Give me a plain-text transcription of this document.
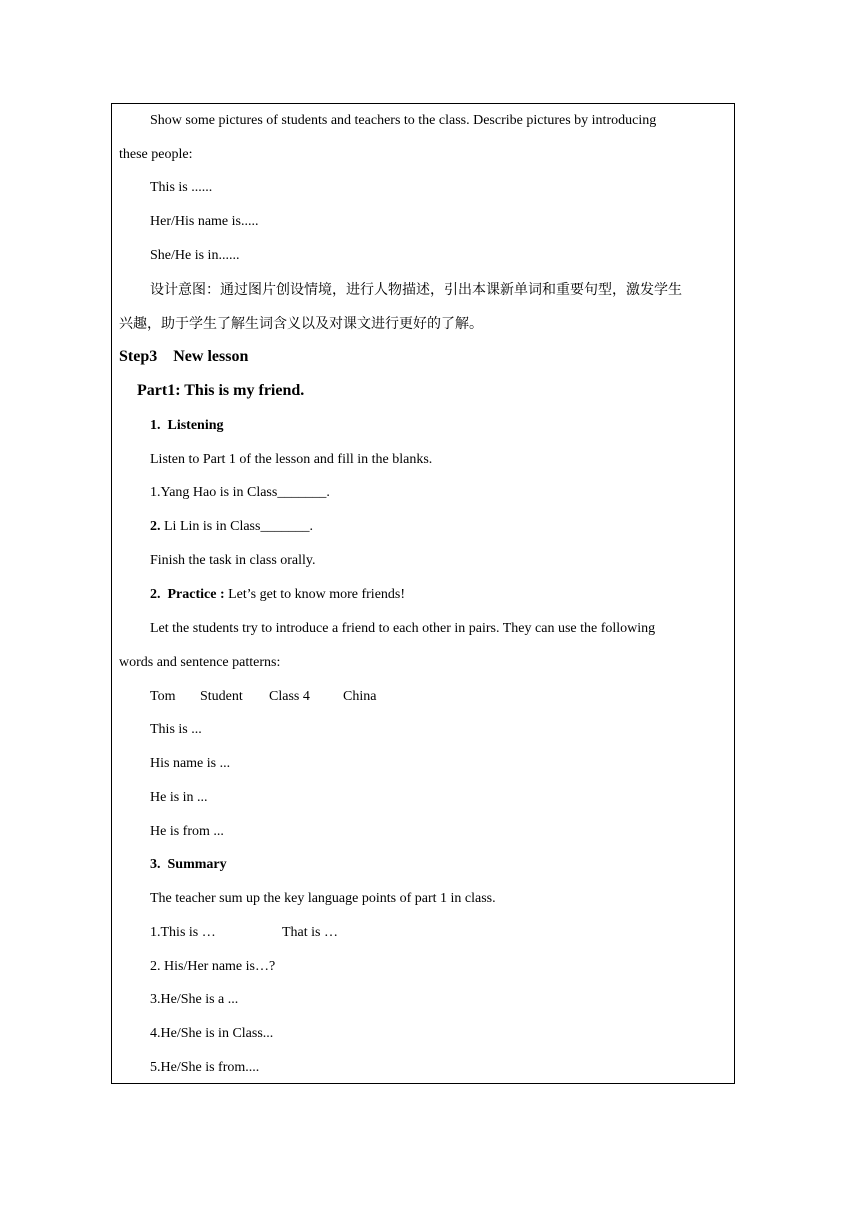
Show some pictures of students and teachers to the class. Describe pictures by introducing
these people:
This is ......
Her/His name is.....
She/He is in......
设计意图：通过图片创设情境，进行人物描述，引出本课新单词和重要句型，激发学生
兴趣，助于学生了解生词含义以及对课文进行更好的了解。
Step3    New lesson
Part1: This is my friend.
1.  Listening
Listen to Part 1 of the lesson and fill in the blanks.
1.Yang Hao is in Class_______.
2. Li Lin is in Class_______.
Finish the task in class orally.
2.  Practice : Let’s get to know more friends!
Let the students try to introduce a friend to each other in pairs. They can use the following
words and sentence patterns:
Tom Student Class 4 China
This is ...
His name is ...
He is in ...
He is from ...
3.  Summary
The teacher sum up the key language points of part 1 in class.
1.This is …	That is …
2. His/Her name is…?
3.He/She is a ...
4.He/She is in Class...
5.He/She is from....
